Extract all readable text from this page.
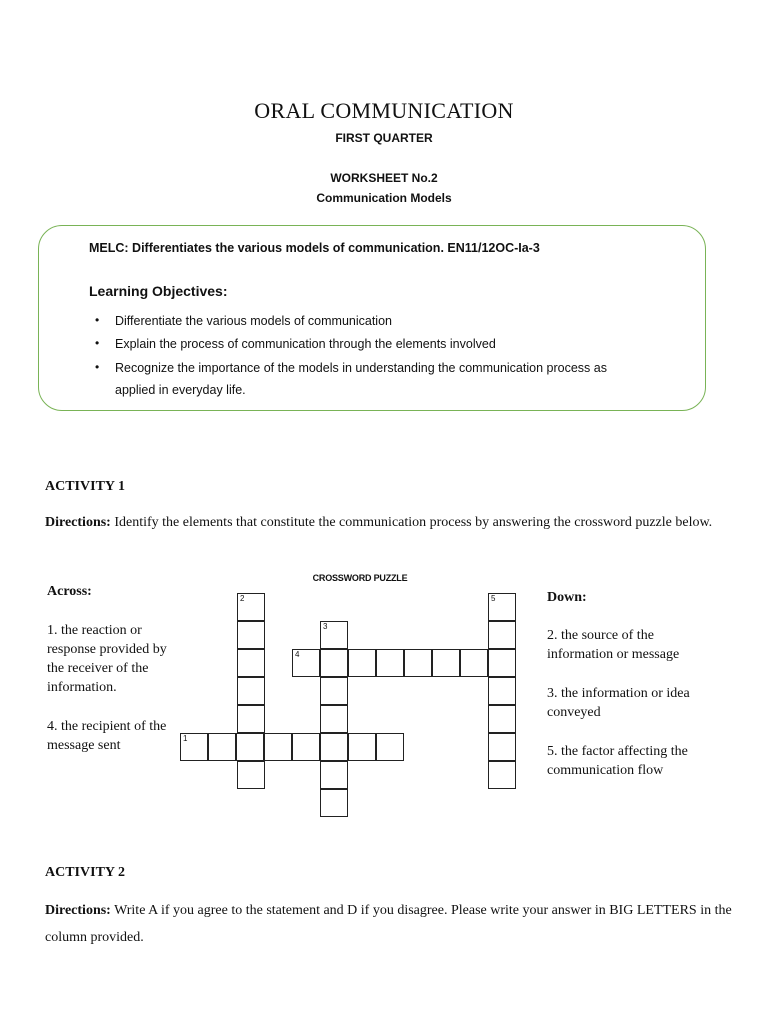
ORAL COMMUNICATION
FIRST QUARTER
WORKSHEET No.2
Communication Models
MELC: Differentiates the various models of communication. EN11/12OC-Ia-3
Learning Objectives:
• Differentiate the various models of communication
• Explain the process of communication through the elements involved
• Recognize the importance of the models in understanding the communication process as
applied in everyday life.
ACTIVITY 1
Directions: Identify the elements that constitute the communication process by answering the crossword puzzle below.
Across:
1. the reaction or response provided by the receiver of the information.
4. the recipient of the message sent
Down:
2. the source of the information or message
3. the information or idea conveyed
5. the factor affecting the communication flow
CROSSWORD PUZZLE
2
3
5
4
1
ACTIVITY 2
Directions: Write A if you agree to the statement and D if you disagree. Please write your answer in BIG LETTERS in the column provided.
